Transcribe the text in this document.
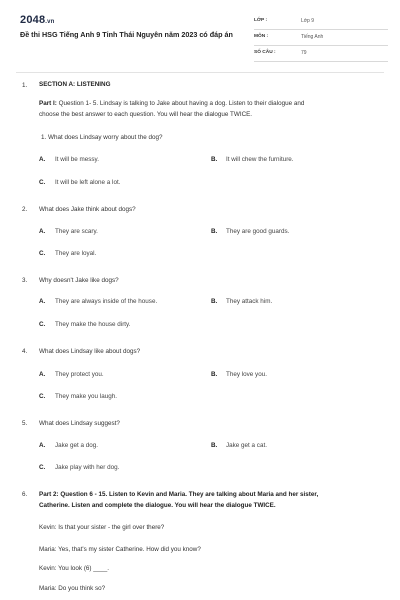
2048.vn
Đề thi HSG Tiếng Anh 9 Tỉnh Thái Nguyên năm 2023 có đáp án
LỚP :	Lớp 9
MÔN :	Tiếng Anh
SỐ CÂU :	79
1. SECTION A: LISTENING
Part I: Question 1- 5. Lindsay is talking to Jake about having a dog. Listen to their dialogue and
choose the best answer to each question. You will hear the dialogue TWICE.
1. What does Lindsay worry about the dog?
A. It will be messy.	B. It will chew the furniture.
C. It will be left alone a lot.
2. What does Jake think about dogs?
A. They are scary.	B. They are good guards.
C. They are loyal.
3. Why doesn't Jake like dogs?
A. They are always inside of the house.	B. They attack him.
C. They make the house dirty.
4. What does Lindsay like about dogs?
A. They protect you.	B. They love you.
C. They make you laugh.
5. What does Lindsay suggest?
A. Jake get a dog.	B. Jake get a cat.
C. Jake play with her dog.
6. Part 2: Question 6 - 15. Listen to Kevin and Maria. They are talking about Maria and her sister,
Catherine. Listen and complete the dialogue. You will hear the dialogue TWICE.
Kevin: Is that your sister - the girl over there?
Maria: Yes, that's my sister Catherine. How did you know?
Kevin: You look (6) ____.
Maria: Do you think so?
